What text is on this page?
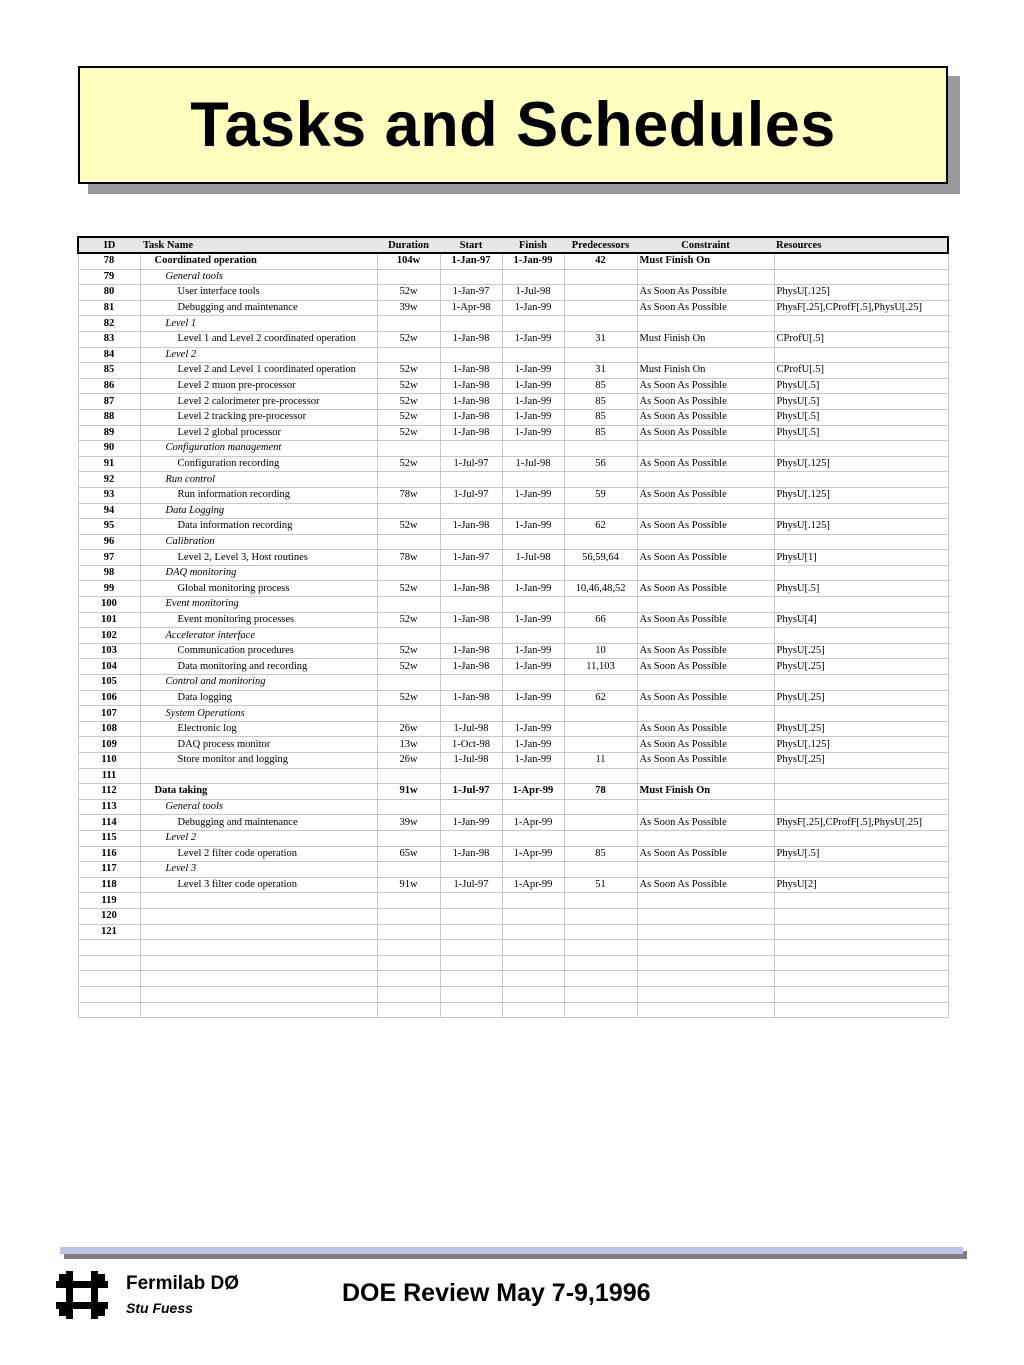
Tasks and Schedules
ID	Task Name	Duration	Start	Finish	Predecessors	Constraint	Resources
78	Coordinated operation	104w	1-Jan-97	1-Jan-99	42	Must Finish On	
79	General tools						
80	User interface tools	52w	1-Jan-97	1-Jul-98		As Soon As Possible	PhysU[.125]
81	Debugging and maintenance	39w	1-Apr-98	1-Jan-99		As Soon As Possible	PhysF[.25],CProfF[.5],PhysU[.25]
82	Level 1						
83	Level 1 and Level 2 coordinated operation	52w	1-Jan-98	1-Jan-99	31	Must Finish On	CProfU[.5]
84	Level 2						
85	Level 2 and Level 1 coordinated operation	52w	1-Jan-98	1-Jan-99	31	Must Finish On	CProfU[.5]
86	Level 2 muon pre-processor	52w	1-Jan-98	1-Jan-99	85	As Soon As Possible	PhysU[.5]
87	Level 2 calorimeter pre-processor	52w	1-Jan-98	1-Jan-99	85	As Soon As Possible	PhysU[.5]
88	Level 2 tracking pre-processor	52w	1-Jan-98	1-Jan-99	85	As Soon As Possible	PhysU[.5]
89	Level 2 global processor	52w	1-Jan-98	1-Jan-99	85	As Soon As Possible	PhysU[.5]
90	Configuration management						
91	Configuration recording	52w	1-Jul-97	1-Jul-98	56	As Soon As Possible	PhysU[.125]
92	Run control						
93	Run information recording	78w	1-Jul-97	1-Jan-99	59	As Soon As Possible	PhysU[.125]
94	Data Logging						
95	Data information recording	52w	1-Jan-98	1-Jan-99	62	As Soon As Possible	PhysU[.125]
96	Calibration						
97	Level 2, Level 3, Host routines	78w	1-Jan-97	1-Jul-98	56,59,64	As Soon As Possible	PhysU[1]
98	DAQ monitoring						
99	Global monitoring process	52w	1-Jan-98	1-Jan-99	10,46,48,52	As Soon As Possible	PhysU[.5]
100	Event monitoring						
101	Event monitoring processes	52w	1-Jan-98	1-Jan-99	66	As Soon As Possible	PhysU[4]
102	Accelerator interface						
103	Communication procedures	52w	1-Jan-98	1-Jan-99	10	As Soon As Possible	PhysU[.25]
104	Data monitoring and recording	52w	1-Jan-98	1-Jan-99	11,103	As Soon As Possible	PhysU[.25]
105	Control and monitoring						
106	Data logging	52w	1-Jan-98	1-Jan-99	62	As Soon As Possible	PhysU[.25]
107	System Operations						
108	Electronic log	26w	1-Jul-98	1-Jan-99		As Soon As Possible	PhysU[.25]
109	DAQ process monitor	13w	1-Oct-98	1-Jan-99		As Soon As Possible	PhysU[.125]
110	Store monitor and logging	26w	1-Jul-98	1-Jan-99	11	As Soon As Possible	PhysU[.25]
111							
112	Data taking	91w	1-Jul-97	1-Apr-99	78	Must Finish On	
113	General tools						
114	Debugging and maintenance	39w	1-Jan-99	1-Apr-99		As Soon As Possible	PhysF[.25],CProfF[.5],PhysU[.25]
115	Level 2						
116	Level 2 filter code operation	65w	1-Jan-98	1-Apr-99	85	As Soon As Possible	PhysU[.5]
117	Level 3						
118	Level 3 filter code operation	91w	1-Jul-97	1-Apr-99	51	As Soon As Possible	PhysU[2]
119							
120							
121							

Fermilab DØ
Stu Fuess
DOE Review May 7-9,1996
